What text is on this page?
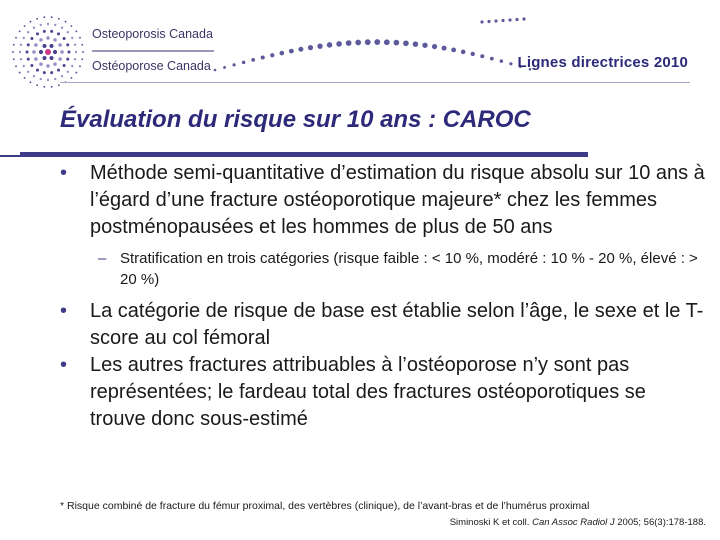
Osteoporosis Canada
Ostéoporose Canada	Lignes directrices 2010
Évaluation du risque sur 10 ans : CAROC
• Méthode semi-quantitative d’estimation du risque absolu sur 10 ans à l’égard d’une fracture ostéoporotique majeure* chez les femmes postménopausées et les hommes de plus de 50 ans
– Stratification en trois catégories (risque faible : < 10 %, modéré : 10 % - 20 %, élevé : > 20 %)
• La catégorie de risque de base est établie selon l’âge, le sexe et le T-score au col fémoral
• Les autres fractures attribuables à l’ostéoporose n’y sont pas représentées; le fardeau total des fractures ostéoporotiques se trouve donc sous-estimé
* Risque combiné de fracture du fémur proximal, des vertèbres (clinique), de l’avant-bras et de l’humérus proximal
Siminoski K et coll. Can Assoc Radiol J 2005; 56(3):178-188.
